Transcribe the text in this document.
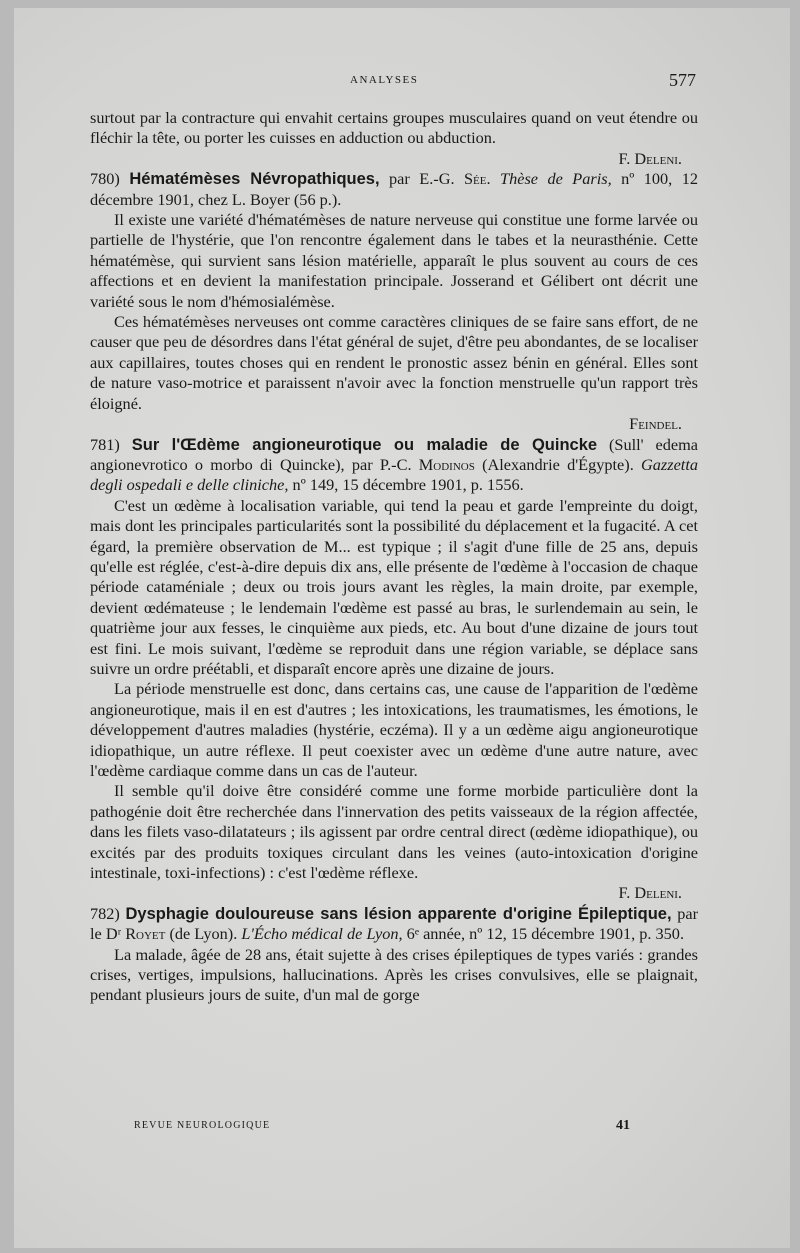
ANALYSES	577

surtout par la contracture qui envahit certains groupes musculaires quand on veut étendre ou fléchir la tête, ou porter les cuisses en adduction ou abduction.

F. Deleni.

780) Hématémèses Névropathiques, par E.-G. Sée. Thèse de Paris, nº 100, 12 décembre 1901, chez L. Boyer (56 p.).

Il existe une variété d'hématémèses de nature nerveuse qui constitue une forme larvée ou partielle de l'hystérie, que l'on rencontre également dans le tabes et la neurasthénie. Cette hématémèse, qui survient sans lésion matérielle, apparaît le plus souvent au cours de ces affections et en devient la manifestation principale. Josserand et Gélibert ont décrit une variété sous le nom d'hémosialémèse.

Ces hématémèses nerveuses ont comme caractères cliniques de se faire sans effort, de ne causer que peu de désordres dans l'état général de sujet, d'être peu abondantes, de se localiser aux capillaires, toutes choses qui en rendent le pronostic assez bénin en général. Elles sont de nature vaso-motrice et paraissent n'avoir avec la fonction menstruelle qu'un rapport très éloigné.

Feindel.

781) Sur l'Œdème angioneurotique ou maladie de Quincke (Sull' edema angionevrotico o morbo di Quincke), par P.-C. Modinos (Alexandrie d'Égypte). Gazzetta degli ospedali e delle cliniche, nº 149, 15 décembre 1901, p. 1556.

C'est un œdème à localisation variable, qui tend la peau et garde l'empreinte du doigt, mais dont les principales particularités sont la possibilité du déplacement et la fugacité. A cet égard, la première observation de M... est typique ; il s'agit d'une fille de 25 ans, depuis qu'elle est réglée, c'est-à-dire depuis dix ans, elle présente de l'œdème à l'occasion de chaque période cataméniale ; deux ou trois jours avant les règles, la main droite, par exemple, devient œdémateuse ; le lendemain l'œdème est passé au bras, le surlendemain au sein, le quatrième jour aux fesses, le cinquième aux pieds, etc. Au bout d'une dizaine de jours tout est fini. Le mois suivant, l'œdème se reproduit dans une région variable, se déplace sans suivre un ordre préétabli, et disparaît encore après une dizaine de jours.

La période menstruelle est donc, dans certains cas, une cause de l'apparition de l'œdème angioneurotique, mais il en est d'autres ; les intoxications, les traumatismes, les émotions, le développement d'autres maladies (hystérie, eczéma). Il y a un œdème aigu angioneurotique idiopathique, un autre réflexe. Il peut coexister avec un œdème d'une autre nature, avec l'œdème cardiaque comme dans un cas de l'auteur.

Il semble qu'il doive être considéré comme une forme morbide particulière dont la pathogénie doit être recherchée dans l'innervation des petits vaisseaux de la région affectée, dans les filets vaso-dilatateurs ; ils agissent par ordre central direct (œdème idiopathique), ou excités par des produits toxiques circulant dans les veines (auto-intoxication d'origine intestinale, toxi-infections) : c'est l'œdème réflexe.

F. Deleni.

782) Dysphagie douloureuse sans lésion apparente d'origine Épileptique, par le Dʳ Royet (de Lyon). L'Écho médical de Lyon, 6ᵉ année, nº 12, 15 décembre 1901, p. 350.

La malade, âgée de 28 ans, était sujette à des crises épileptiques de types variés : grandes crises, vertiges, impulsions, hallucinations. Après les crises convulsives, elle se plaignait, pendant plusieurs jours de suite, d'un mal de gorge

REVUE NEUROLOGIQUE	41
